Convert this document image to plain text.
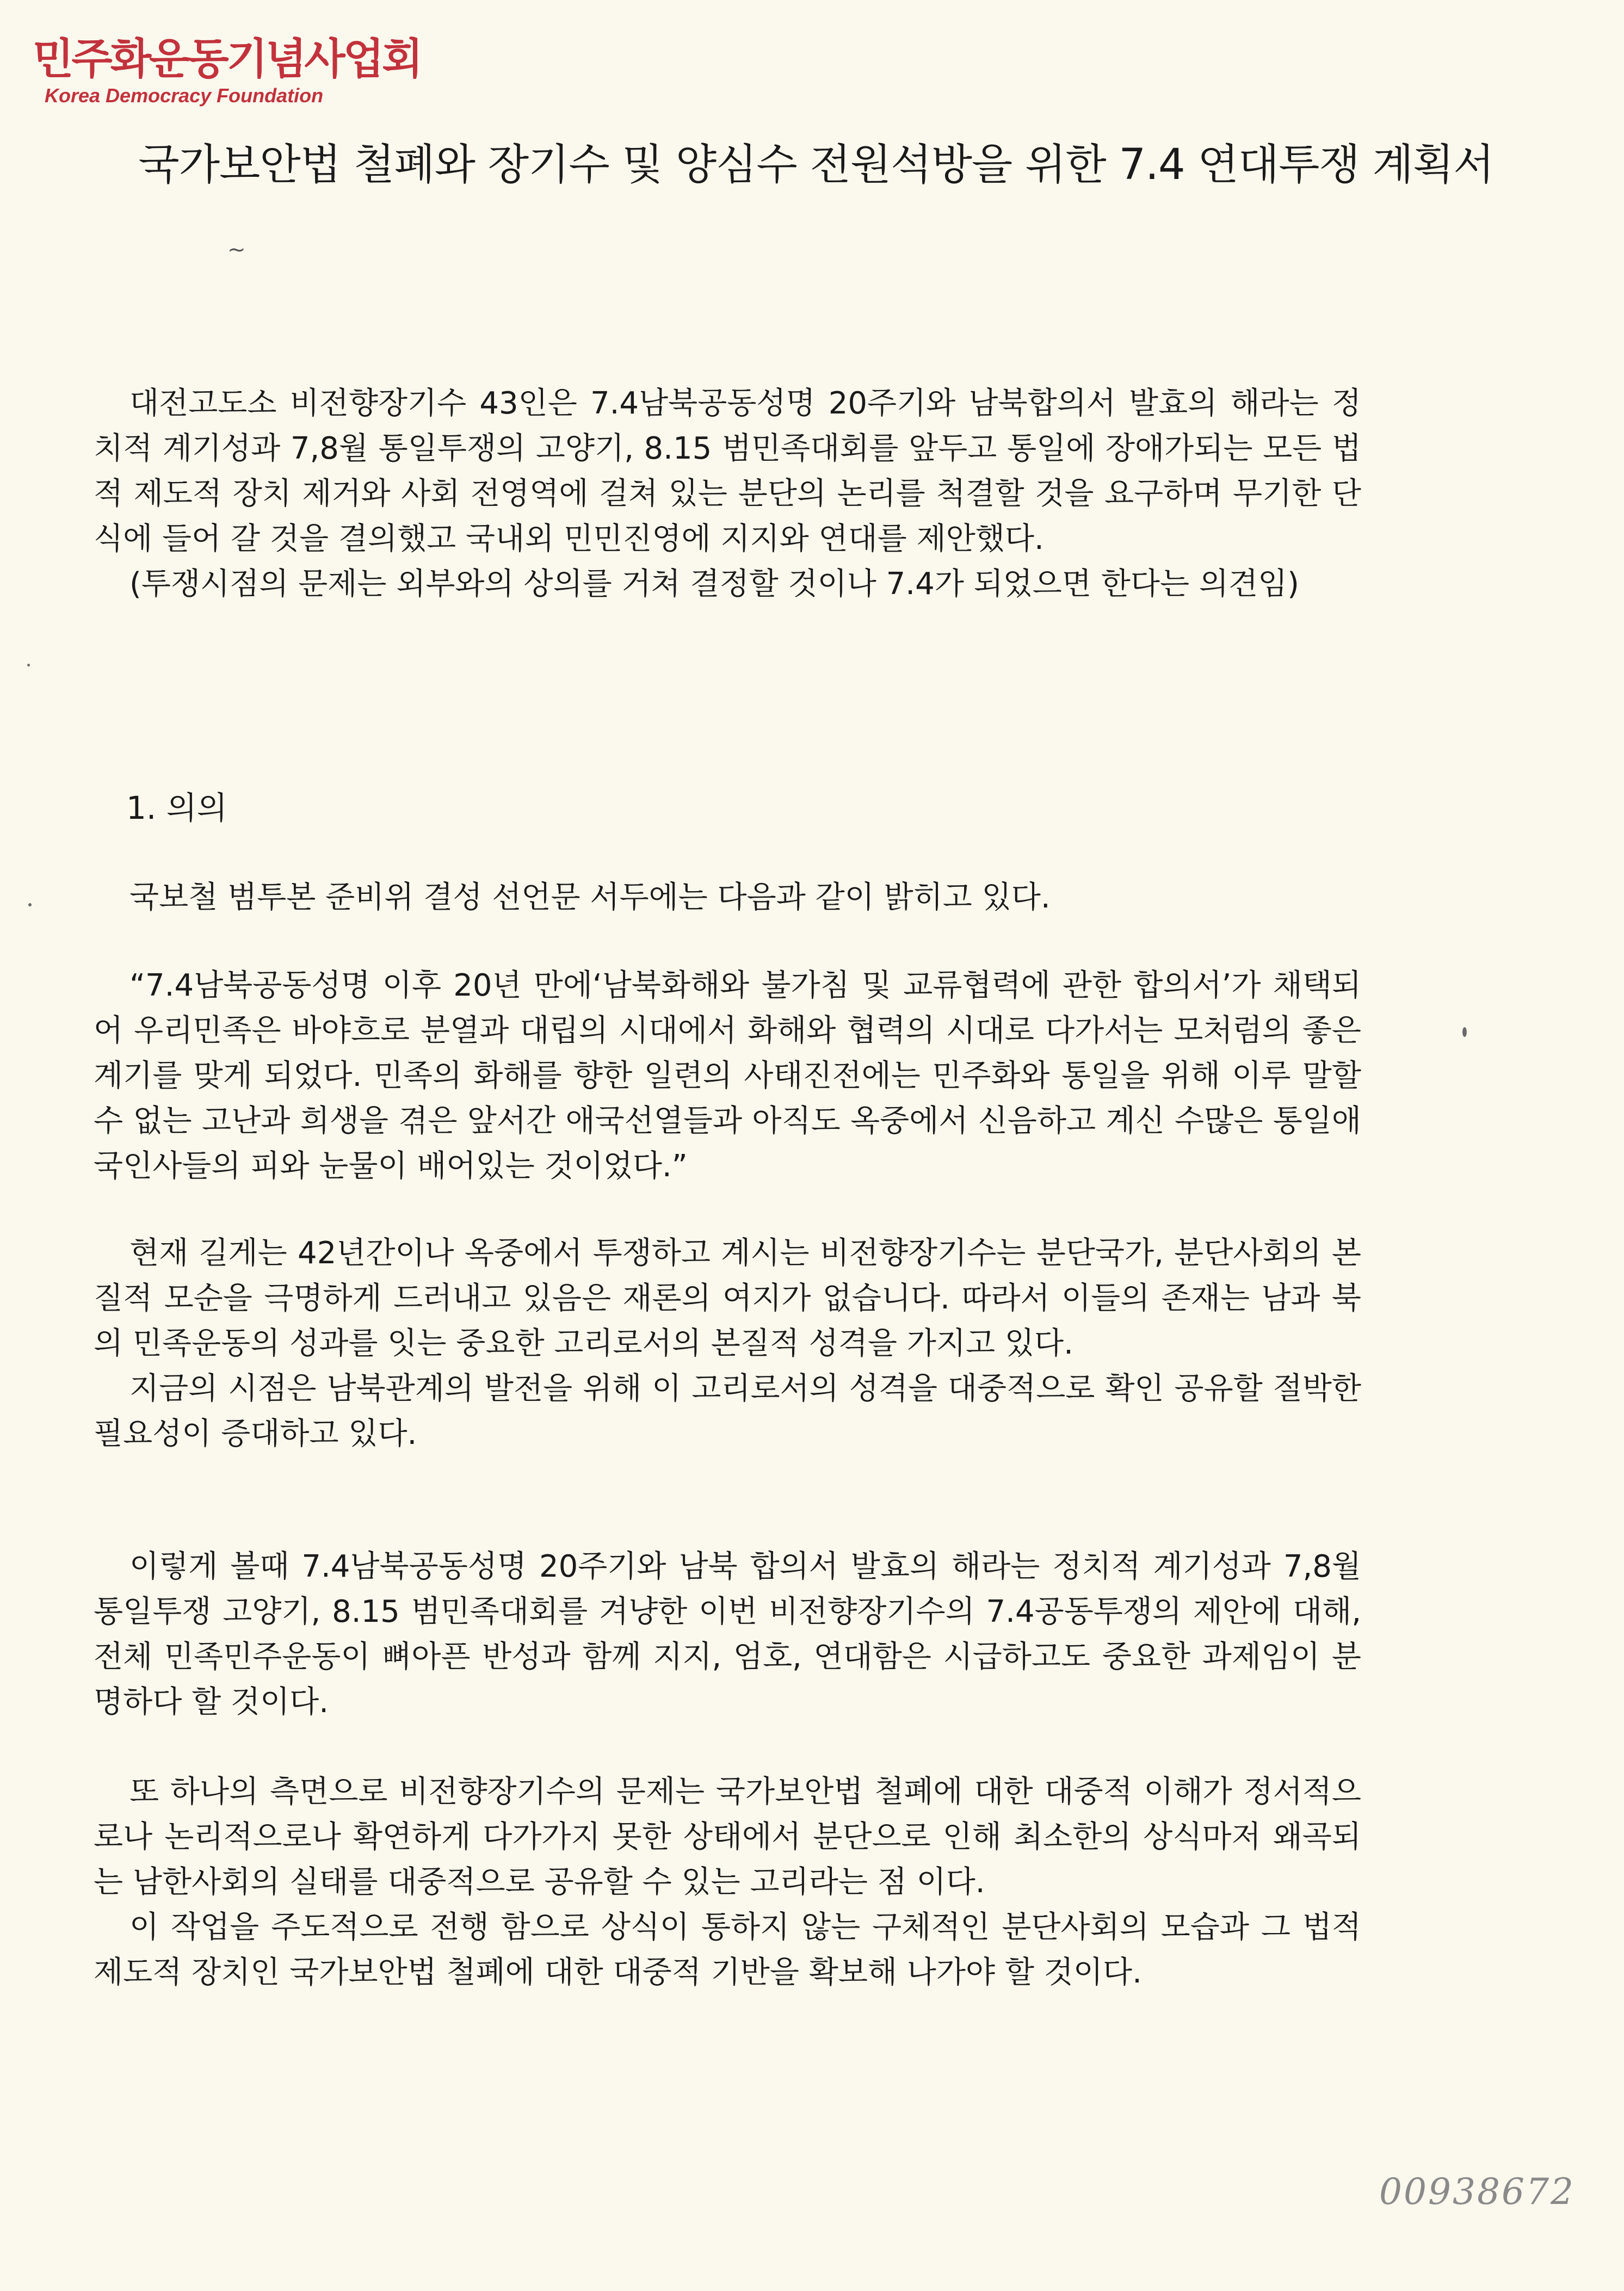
민주화운동기념사업회
Korea Democracy Foundation
국가보안법 철폐와 장기수 및 양심수 전원석방을 위한 7.4 연대투쟁 계획서
~

대전고도소 비전향장기수 43인은 7.4남북공동성명 20주기와 남북합의서 발효의 해라는 정치적 계기성과 7,8월 통일투쟁의 고양기, 8.15 범민족대회를 앞두고 통일에 장애가되는 모든 법적 제도적 장치 제거와 사회 전영역에 걸쳐 있는 분단의 논리를 척결할 것을 요구하며 무기한 단식에 들어 갈 것을 결의했고 국내외 민민진영에 지지와 연대를 제안했다.

(투쟁시점의 문제는 외부와의 상의를 거쳐 결정할 것이나 7.4가 되었으면 한다는 의견임)

1. 의의

국보철 범투본 준비위 결성 선언문 서두에는 다음과 같이 밝히고 있다.

“7.4남북공동성명 이후 20년 만에‘남북화해와 불가침 및 교류협력에 관한 합의서’가 채택되어 우리민족은 바야흐로 분열과 대립의 시대에서 화해와 협력의 시대로 다가서는 모처럼의 좋은 계기를 맞게 되었다. 민족의 화해를 향한 일련의 사태진전에는 민주화와 통일을 위해 이루 말할 수 없는 고난과 희생을 겪은 앞서간 애국선열들과 아직도 옥중에서 신음하고 계신 수많은 통일애국인사들의 피와 눈물이 배어있는 것이었다.”

현재 길게는 42년간이나 옥중에서 투쟁하고 계시는 비전향장기수는 분단국가, 분단사회의 본질적 모순을 극명하게 드러내고 있음은 재론의 여지가 없습니다. 따라서 이들의 존재는 남과 북의 민족운동의 성과를 잇는 중요한 고리로서의 본질적 성격을 가지고 있다.

지금의 시점은 남북관계의 발전을 위해 이 고리로서의 성격을 대중적으로 확인 공유할 절박한 필요성이 증대하고 있다.

이렇게 볼때 7.4남북공동성명 20주기와 남북 합의서 발효의 해라는 정치적 계기성과 7,8월 통일투쟁 고양기, 8.15 범민족대회를 겨냥한 이번 비전향장기수의 7.4공동투쟁의 제안에 대해, 전체 민족민주운동이 뼈아픈 반성과 함께 지지, 엄호, 연대함은 시급하고도 중요한 과제임이 분명하다 할 것이다.

또 하나의 측면으로 비전향장기수의 문제는 국가보안법 철폐에 대한 대중적 이해가 정서적으로나 논리적으로나 확연하게 다가가지 못한 상태에서 분단으로 인해 최소한의 상식마저 왜곡되는 남한사회의 실태를 대중적으로 공유할 수 있는 고리라는 점 이다.

이 작업을 주도적으로 전행 함으로 상식이 통하지 않는 구체적인 분단사회의 모습과 그 법적 제도적 장치인 국가보안법 철폐에 대한 대중적 기반을 확보해 나가야 할 것이다.

00938672
